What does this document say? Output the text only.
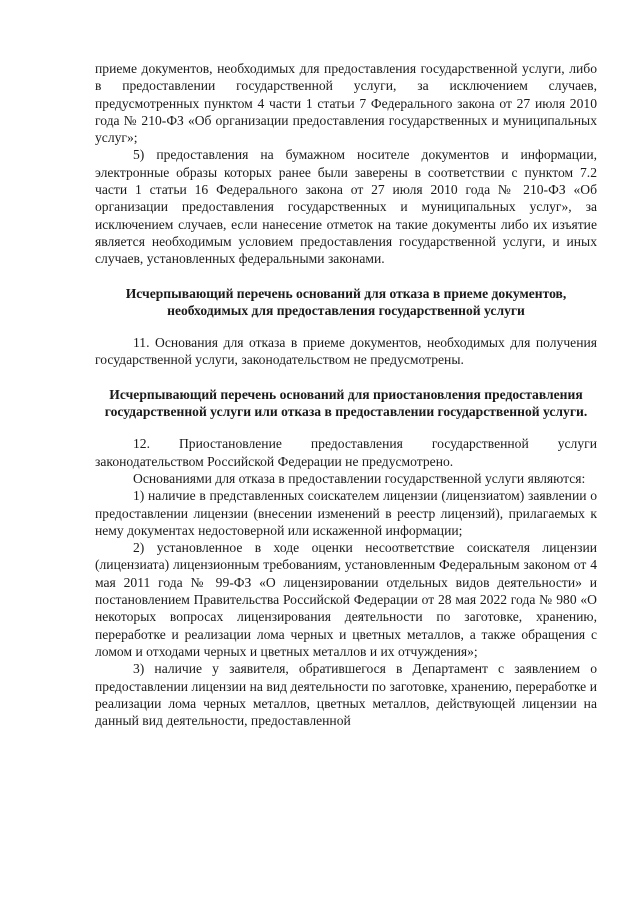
приеме документов, необходимых для предоставления государственной услуги, либо в предоставлении государственной услуги, за исключением случаев, предусмотренных пунктом 4 части 1 статьи 7 Федерального закона от 27 июля 2010 года № 210-ФЗ «Об организации предоставления государственных и муниципальных услуг»;

5) предоставления на бумажном носителе документов и информации, электронные образы которых ранее были заверены в соответствии с пунктом 7.2 части 1 статьи 16 Федерального закона от 27 июля 2010 года № 210-ФЗ «Об организации предоставления государственных и муниципальных услуг», за исключением случаев, если нанесение отметок на такие документы либо их изъятие является необходимым условием предоставления государственной услуги, и иных случаев, установленных федеральными законами.

Исчерпывающий перечень оснований для отказа в приеме документов, необходимых для предоставления государственной услуги

11. Основания для отказа в приеме документов, необходимых для получения государственной услуги, законодательством не предусмотрены.

Исчерпывающий перечень оснований для приостановления предоставления государственной услуги или отказа в предоставлении государственной услуги.

12. Приостановление предоставления государственной услуги законодательством Российской Федерации не предусмотрено.

Основаниями для отказа в предоставлении государственной услуги являются:

1) наличие в представленных соискателем лицензии (лицензиатом) заявлении о предоставлении лицензии (внесении изменений в реестр лицензий), прилагаемых к нему документах недостоверной или искаженной информации;

2) установленное в ходе оценки несоответствие соискателя лицензии (лицензиата) лицензионным требованиям, установленным Федеральным законом от 4 мая 2011 года № 99-ФЗ «О лицензировании отдельных видов деятельности» и постановлением Правительства Российской Федерации от 28 мая 2022 года № 980 «О некоторых вопросах лицензирования деятельности по заготовке, хранению, переработке и реализации лома черных и цветных металлов, а также обращения с ломом и отходами черных и цветных металлов и их отчуждения»;

3) наличие у заявителя, обратившегося в Департамент с заявлением о предоставлении лицензии на вид деятельности по заготовке, хранению, переработке и реализации лома черных металлов, цветных металлов, действующей лицензии на данный вид деятельности, предоставленной
